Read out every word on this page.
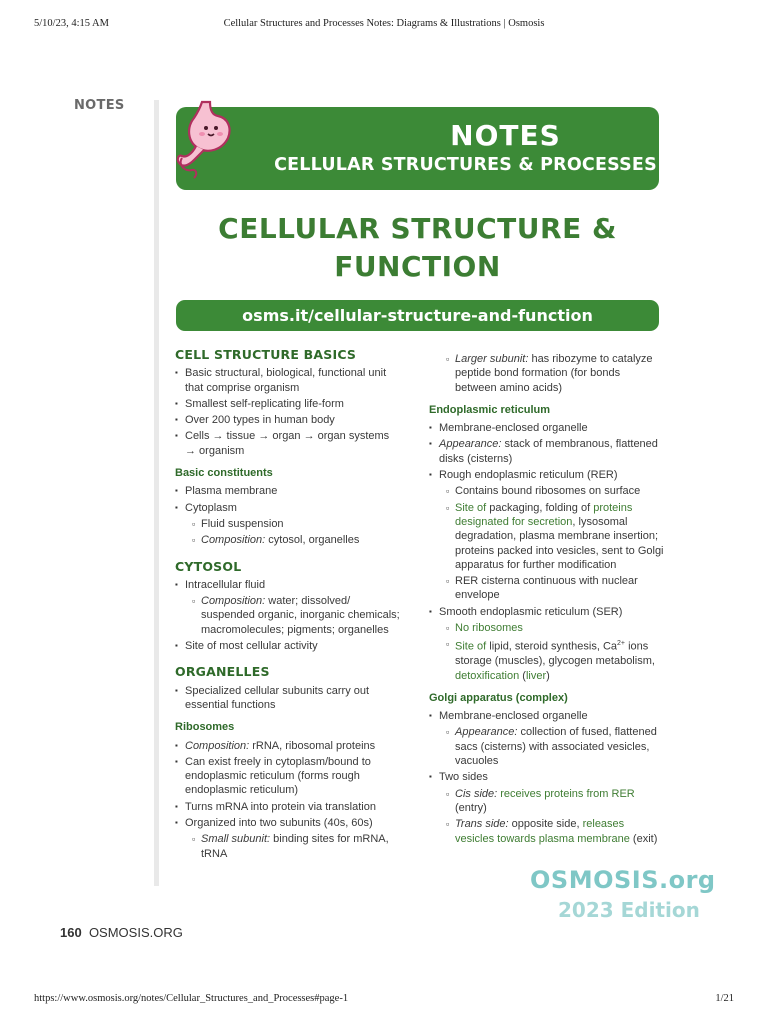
5/10/23, 4:15 AM	Cellular Structures and Processes Notes: Diagrams & Illustrations | Osmosis
NOTES
NOTES
CELLULAR STRUCTURES & PROCESSES
CELLULAR STRUCTURE &
FUNCTION
osms.it/cellular-structure-and-function
CELL STRUCTURE BASICS
▪ Basic structural, biological, functional unit that comprise organism
▪ Smallest self-replicating life-form
▪ Over 200 types in human body
▪ Cells → tissue → organ → organ systems → organism
Basic constituents
▪ Plasma membrane
▪ Cytoplasm
▫ Fluid suspension
▫ Composition: cytosol, organelles
CYTOSOL
▪ Intracellular fluid
▫ Composition: water; dissolved/ suspended organic, inorganic chemicals; macromolecules; pigments; organelles
▪ Site of most cellular activity
ORGANELLES
▪ Specialized cellular subunits carry out essential functions
Ribosomes
▪ Composition: rRNA, ribosomal proteins
▪ Can exist freely in cytoplasm/bound to endoplasmic reticulum (forms rough endoplasmic reticulum)
▪ Turns mRNA into protein via translation
▪ Organized into two subunits (40s, 60s)
▫ Small subunit: binding sites for mRNA, tRNA
▫ Larger subunit: has ribozyme to catalyze peptide bond formation (for bonds between amino acids)
Endoplasmic reticulum
▪ Membrane-enclosed organelle
▪ Appearance: stack of membranous, flattened disks (cisterns)
▪ Rough endoplasmic reticulum (RER)
▫ Contains bound ribosomes on surface
▫ Site of packaging, folding of proteins designated for secretion, lysosomal degradation, plasma membrane insertion; proteins packed into vesicles, sent to Golgi apparatus for further modification
▫ RER cisterna continuous with nuclear envelope
▪ Smooth endoplasmic reticulum (SER)
▫ No ribosomes
▫ Site of lipid, steroid synthesis, $Ca^{2+}$ ions storage (muscles), glycogen metabolism, detoxification (liver)
Golgi apparatus (complex)
▪ Membrane-enclosed organelle
▫ Appearance: collection of fused, flattened sacs (cisterns) with associated vesicles, vacuoles
▪ Two sides
▫ Cis side: receives proteins from RER (entry)
▫ Trans side: opposite side, releases vesicles towards plasma membrane (exit)
OSMOSIS.org
2023 Edition
160 OSMOSIS.ORG
https://www.osmosis.org/notes/Cellular_Structures_and_Processes#page-1	1/21
